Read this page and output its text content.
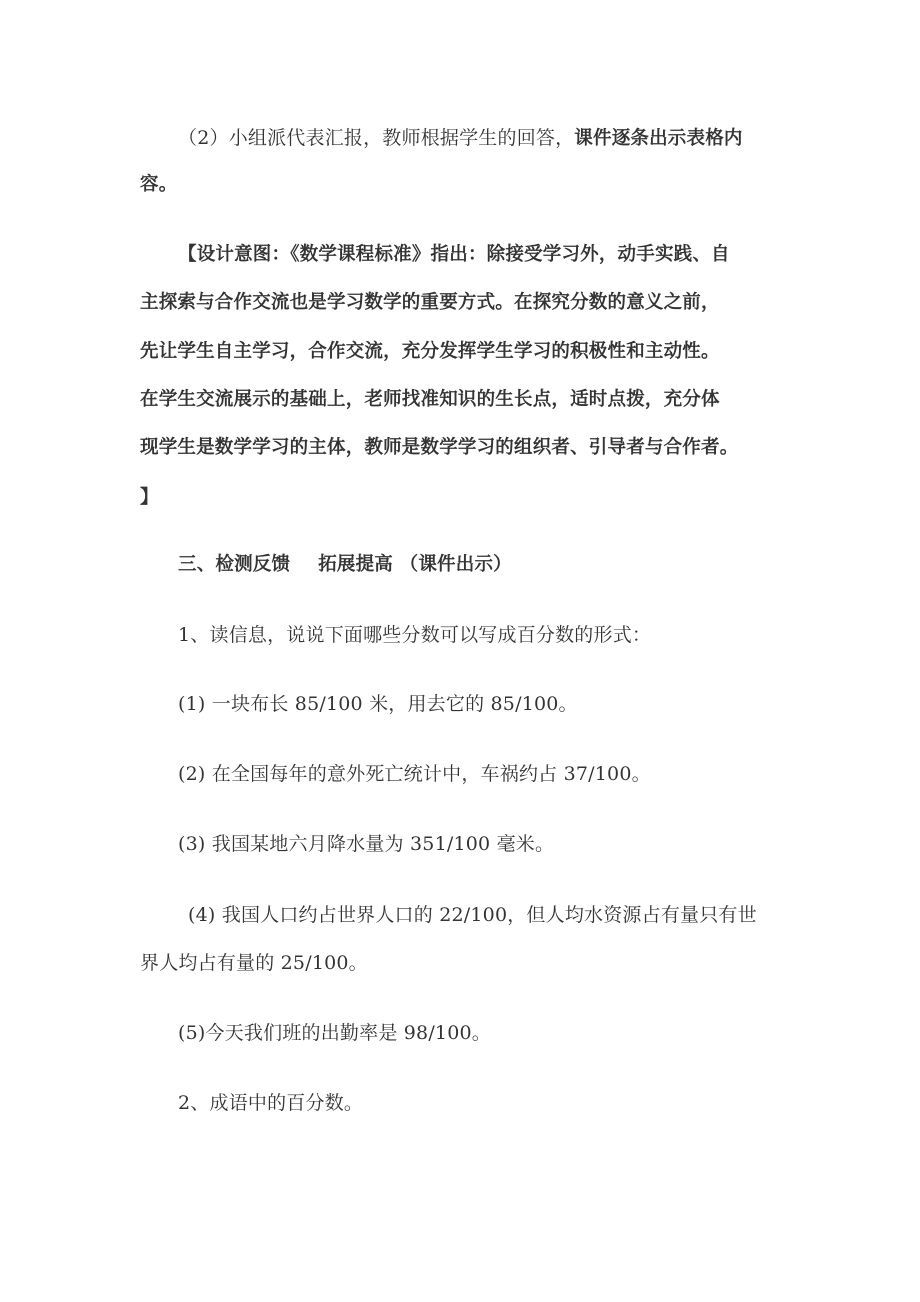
（2）小组派代表汇报，教师根据学生的回答，课件逐条出示表格内
容。
【设计意图：《数学课程标准》指出：除接受学习外，动手实践、自
主探索与合作交流也是学习数学的重要方式。在探究分数的意义之前，
先让学生自主学习，合作交流，充分发挥学生学习的积极性和主动性。
在学生交流展示的基础上，老师找准知识的生长点，适时点拨，充分体
现学生是数学学习的主体，教师是数学学习的组织者、引导者与合作者。
】
三、检测反馈 拓展提高 （课件出示）
1、读信息，说说下面哪些分数可以写成百分数的形式：
(1) 一块布长 85/100 米，用去它的 85/100。
(2) 在全国每年的意外死亡统计中，车祸约占 37/100。
(3) 我国某地六月降水量为 351/100 毫米。
(4) 我国人口约占世界人口的 22/100，但人均水资源占有量只有世
界人均占有量的 25/100。
(5)今天我们班的出勤率是 98/100。
2、成语中的百分数。
